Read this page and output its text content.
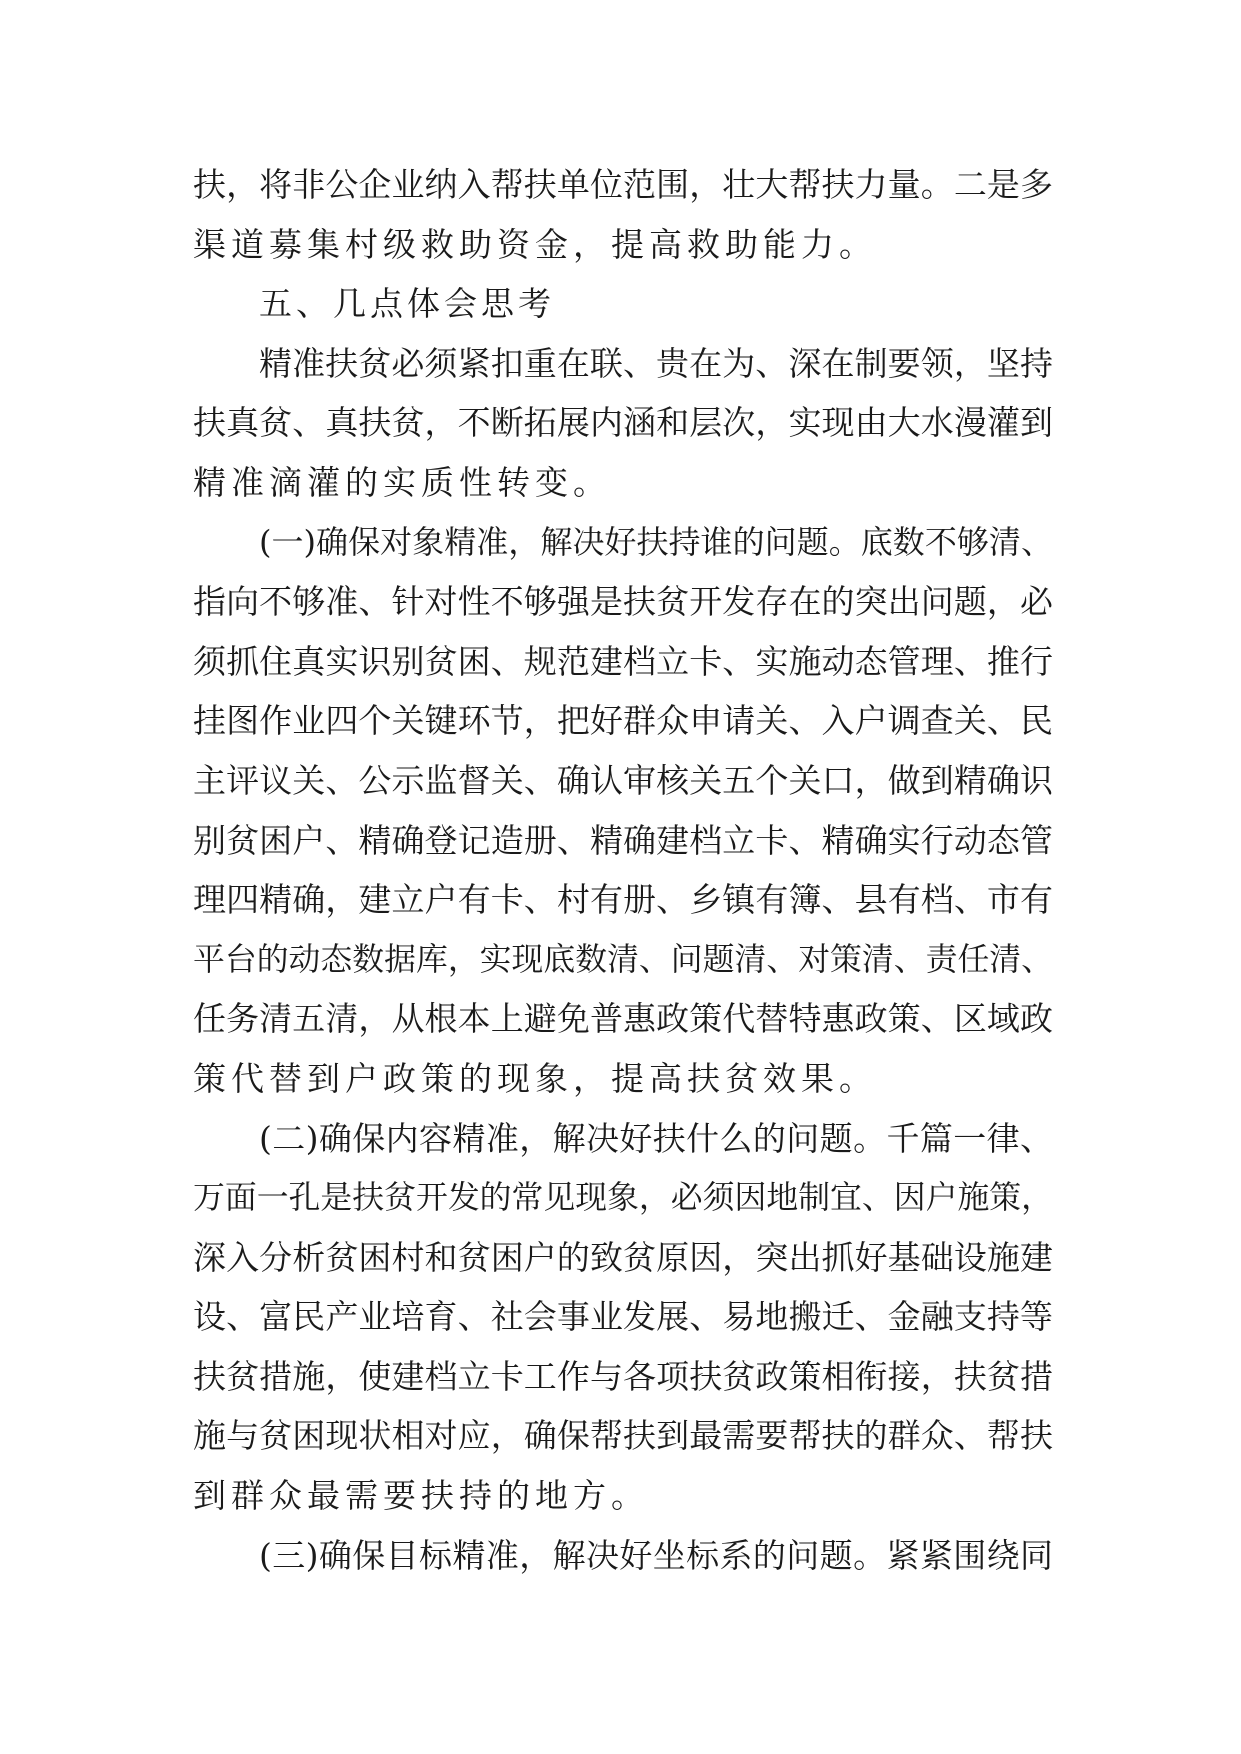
扶，将非公企业纳入帮扶单位范围，壮大帮扶力量。二是多
渠道募集村级救助资金，提高救助能力。
五、几点体会思考
精准扶贫必须紧扣重在联、贵在为、深在制要领，坚持
扶真贫、真扶贫，不断拓展内涵和层次，实现由大水漫灌到
精准滴灌的实质性转变。
(一)确保对象精准，解决好扶持谁的问题。底数不够清、
指向不够准、针对性不够强是扶贫开发存在的突出问题，必
须抓住真实识别贫困、规范建档立卡、实施动态管理、推行
挂图作业四个关键环节，把好群众申请关、入户调查关、民
主评议关、公示监督关、确认审核关五个关口，做到精确识
别贫困户、精确登记造册、精确建档立卡、精确实行动态管
理四精确，建立户有卡、村有册、乡镇有簿、县有档、市有
平台的动态数据库，实现底数清、问题清、对策清、责任清、
任务清五清，从根本上避免普惠政策代替特惠政策、区域政
策代替到户政策的现象，提高扶贫效果。
(二)确保内容精准，解决好扶什么的问题。千篇一律、
万面一孔是扶贫开发的常见现象，必须因地制宜、因户施策，
深入分析贫困村和贫困户的致贫原因，突出抓好基础设施建
设、富民产业培育、社会事业发展、易地搬迁、金融支持等
扶贫措施，使建档立卡工作与各项扶贫政策相衔接，扶贫措
施与贫困现状相对应，确保帮扶到最需要帮扶的群众、帮扶
到群众最需要扶持的地方。
(三)确保目标精准，解决好坐标系的问题。紧紧围绕同
